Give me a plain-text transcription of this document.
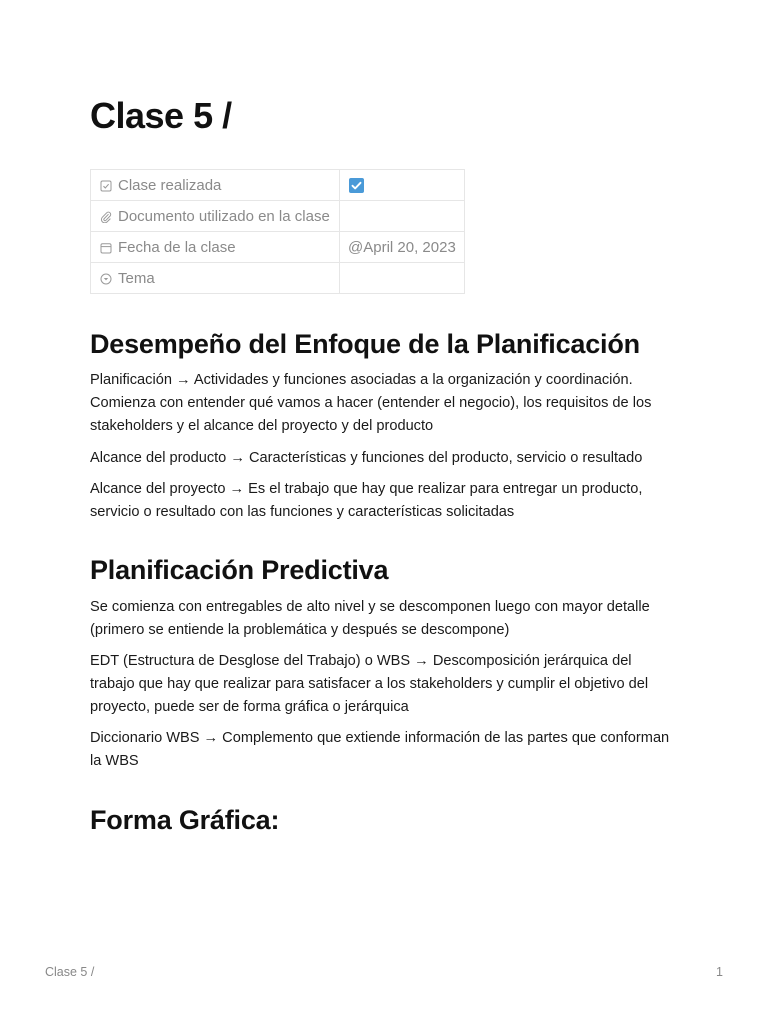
Clase 5 /
Clase realizada	

Documento utilizado en la clase	

Fecha de la clase	@April 20, 2023

Tema	
Desempeño del Enfoque de la Planificación

Planificación → Actividades y funciones asociadas a la organización y coordinación. Comienza con entender qué vamos a hacer (entender el negocio), los requisitos de los stakeholders y el alcance del proyecto y del producto

Alcance del producto → Características y funciones del producto, servicio o resultado

Alcance del proyecto → Es el trabajo que hay que realizar para entregar un producto, servicio o resultado con las funciones y características solicitadas

Planificación Predictiva

Se comienza con entregables de alto nivel y se descomponen luego con mayor detalle (primero se entiende la problemática y después se descompone)

EDT (Estructura de Desglose del Trabajo) o WBS → Descomposición jerárquica del trabajo que hay que realizar para satisfacer a los stakeholders y cumplir el objetivo del proyecto, puede ser de forma gráfica o jerárquica

Diccionario WBS → Complemento que extiende información de las partes que conforman la WBS

Forma Gráfica:
Clase 5 /	1
